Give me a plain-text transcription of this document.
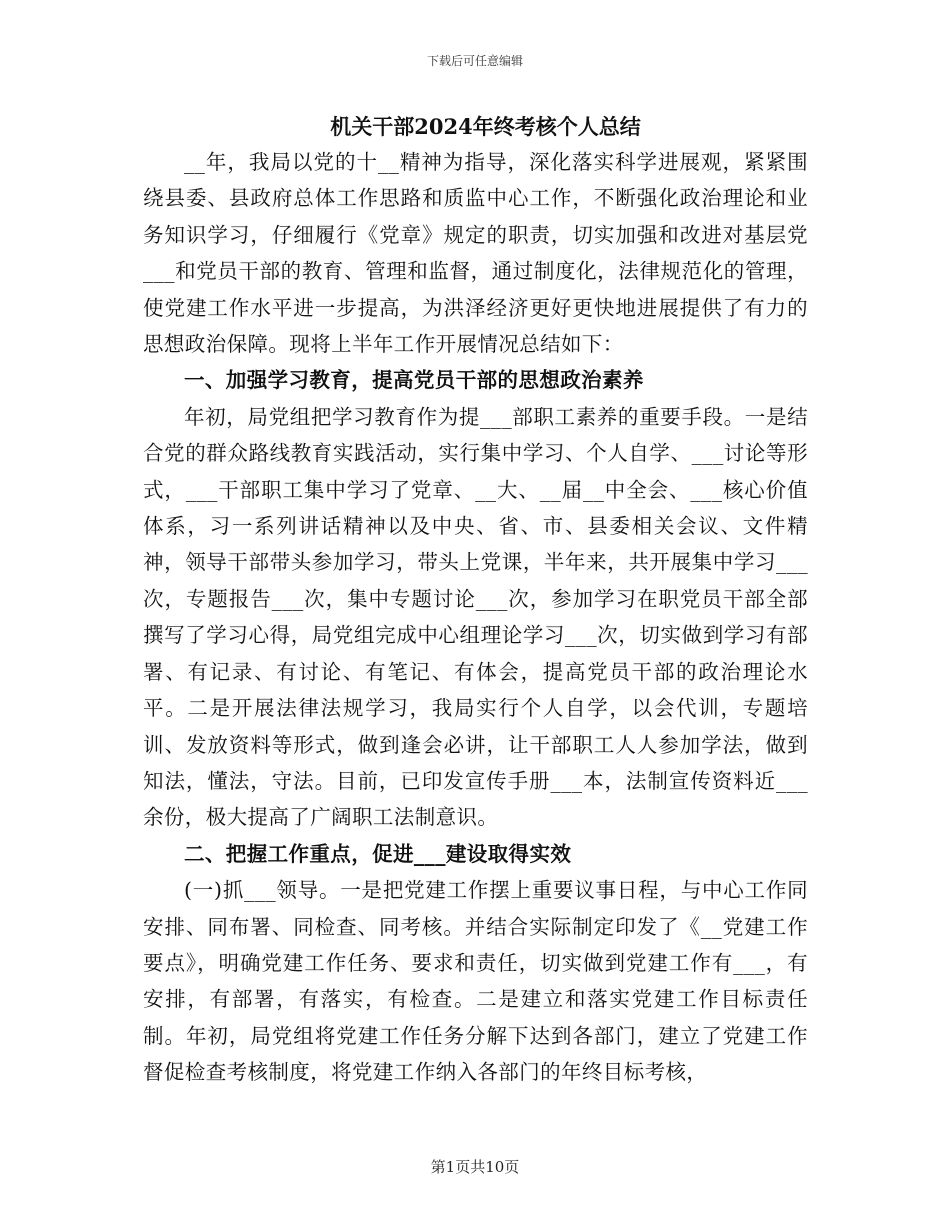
下载后可任意编辑
机关干部2024年终考核个人总结

__年，我局以党的十__精神为指导，深化落实科学进展观，紧紧围绕县委、县政府总体工作思路和质监中心工作，不断强化政治理论和业务知识学习，仔细履行《党章》规定的职责，切实加强和改进对基层党___和党员干部的教育、管理和监督，通过制度化，法律规范化的管理，使党建工作水平进一步提高，为洪泽经济更好更快地进展提供了有力的思想政治保障。现将上半年工作开展情况总结如下：

一、加强学习教育，提高党员干部的思想政治素养

年初，局党组把学习教育作为提___部职工素养的重要手段。一是结合党的群众路线教育实践活动，实行集中学习、个人自学、___讨论等形式，___干部职工集中学习了党章、__大、__届__中全会、___核心价值体系，习一系列讲话精神以及中央、省、市、县委相关会议、文件精神，领导干部带头参加学习，带头上党课，半年来，共开展集中学习___次，专题报告___次，集中专题讨论___次，参加学习在职党员干部全部撰写了学习心得，局党组完成中心组理论学习___次，切实做到学习有部署、有记录、有讨论、有笔记、有体会，提高党员干部的政治理论水平。二是开展法律法规学习，我局实行个人自学，以会代训，专题培训、发放资料等形式，做到逢会必讲，让干部职工人人参加学法，做到知法，懂法，守法。目前，已印发宣传手册___本，法制宣传资料近___余份，极大提高了广阔职工法制意识。

二、把握工作重点，促进___建设取得实效

(一)抓___领导。一是把党建工作摆上重要议事日程，与中心工作同安排、同布署、同检查、同考核。并结合实际制定印发了《__党建工作要点》，明确党建工作任务、要求和责任，切实做到党建工作有___，有安排，有部署，有落实，有检查。二是建立和落实党建工作目标责任制。年初，局党组将党建工作任务分解下达到各部门，建立了党建工作督促检查考核制度，将党建工作纳入各部门的年终目标考核，

第1页共10页
